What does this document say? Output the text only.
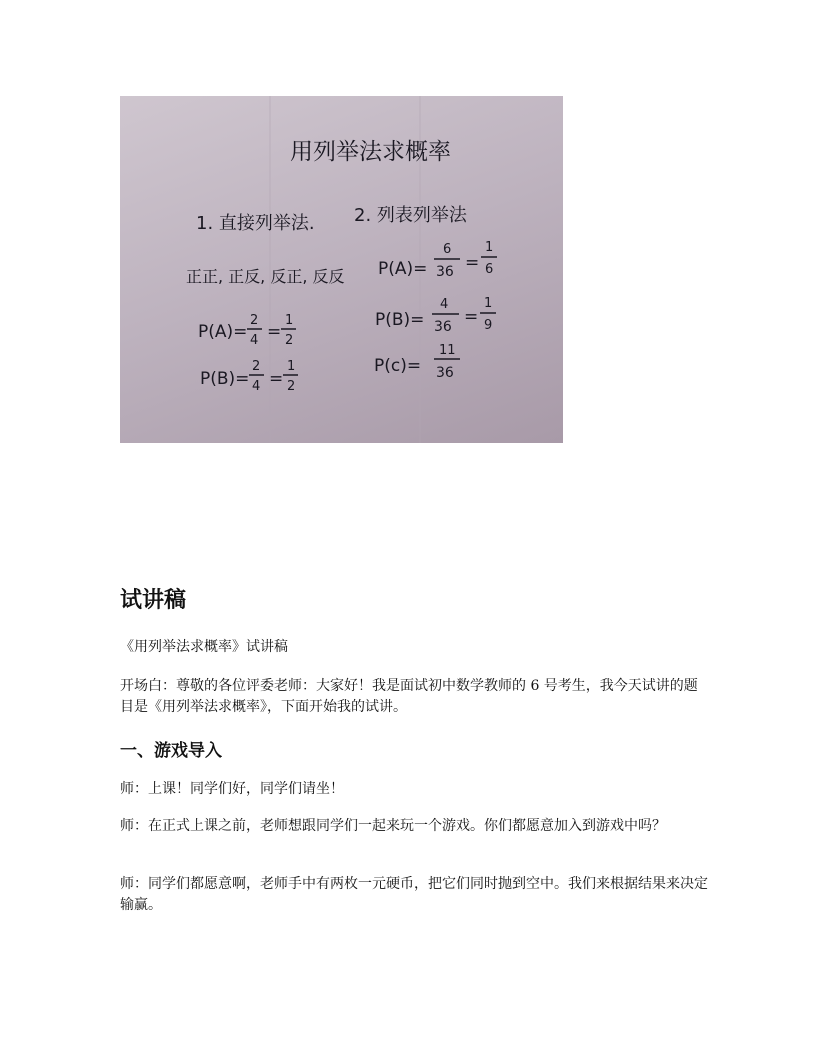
用列举法求概率
1. 直接列举法. 2. 列表列举法
正正, 正反, 反正, 反反
P(A)=
2
4 =
1
2
P(B)=
2
4 =
1
2
P(A)=
6
36 =
1
6
P(B)=
4
36 =
1
9
P(c)=
11
36
试讲稿
《用列举法求概率》试讲稿
开场白：尊敬的各位评委老师：大家好！我是面试初中数学教师的 6 号考生，我今天试讲的题目是《用列举法求概率》，下面开始我的试讲。
一、游戏导入
师：上课！同学们好，同学们请坐！
师：在正式上课之前，老师想跟同学们一起来玩一个游戏。你们都愿意加入到游戏中吗？
师：同学们都愿意啊，老师手中有两枚一元硬币，把它们同时抛到空中。我们来根据结果来决定输赢。
